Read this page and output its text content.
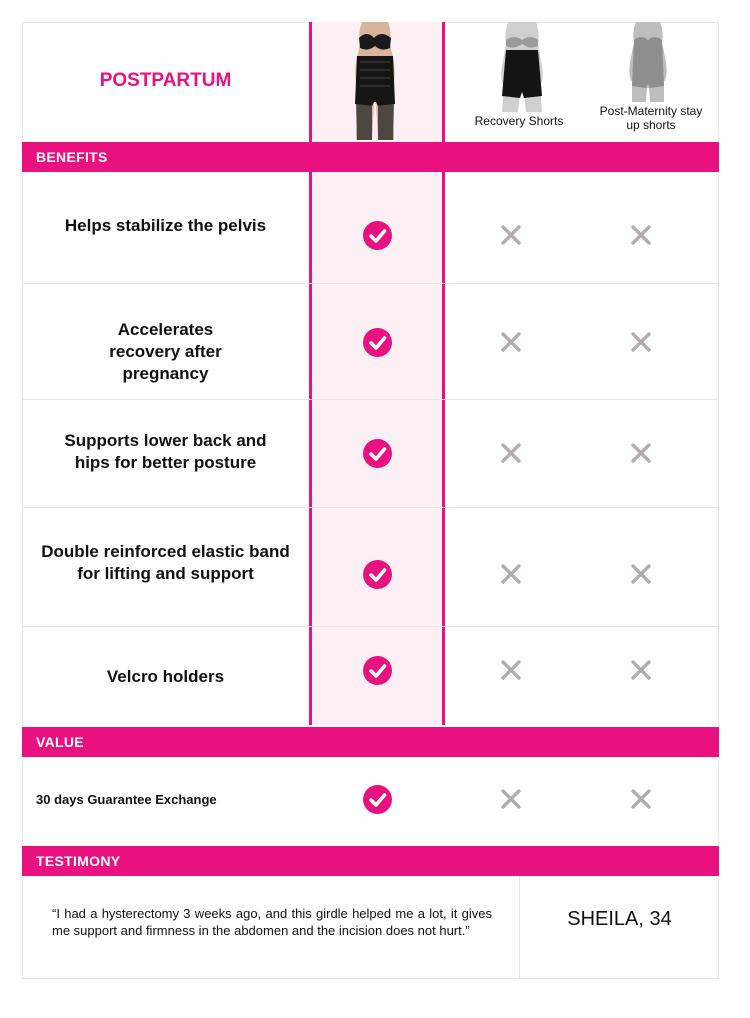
POSTPARTUM
Recovery Shorts
Post-Maternity stay up shorts
BENEFITS
VALUE
TESTIMONY
Helps stabilize the pelvis
Accelerates recovery after pregnancy
Supports lower back and hips for better posture
Double reinforced elastic band for lifting and support
Velcro holders
30 days Guarantee Exchange
“I had a hysterectomy 3 weeks ago, and this girdle helped me a lot, it gives me support and firmness in the abdomen and the incision does not hurt.”
SHEILA, 34
